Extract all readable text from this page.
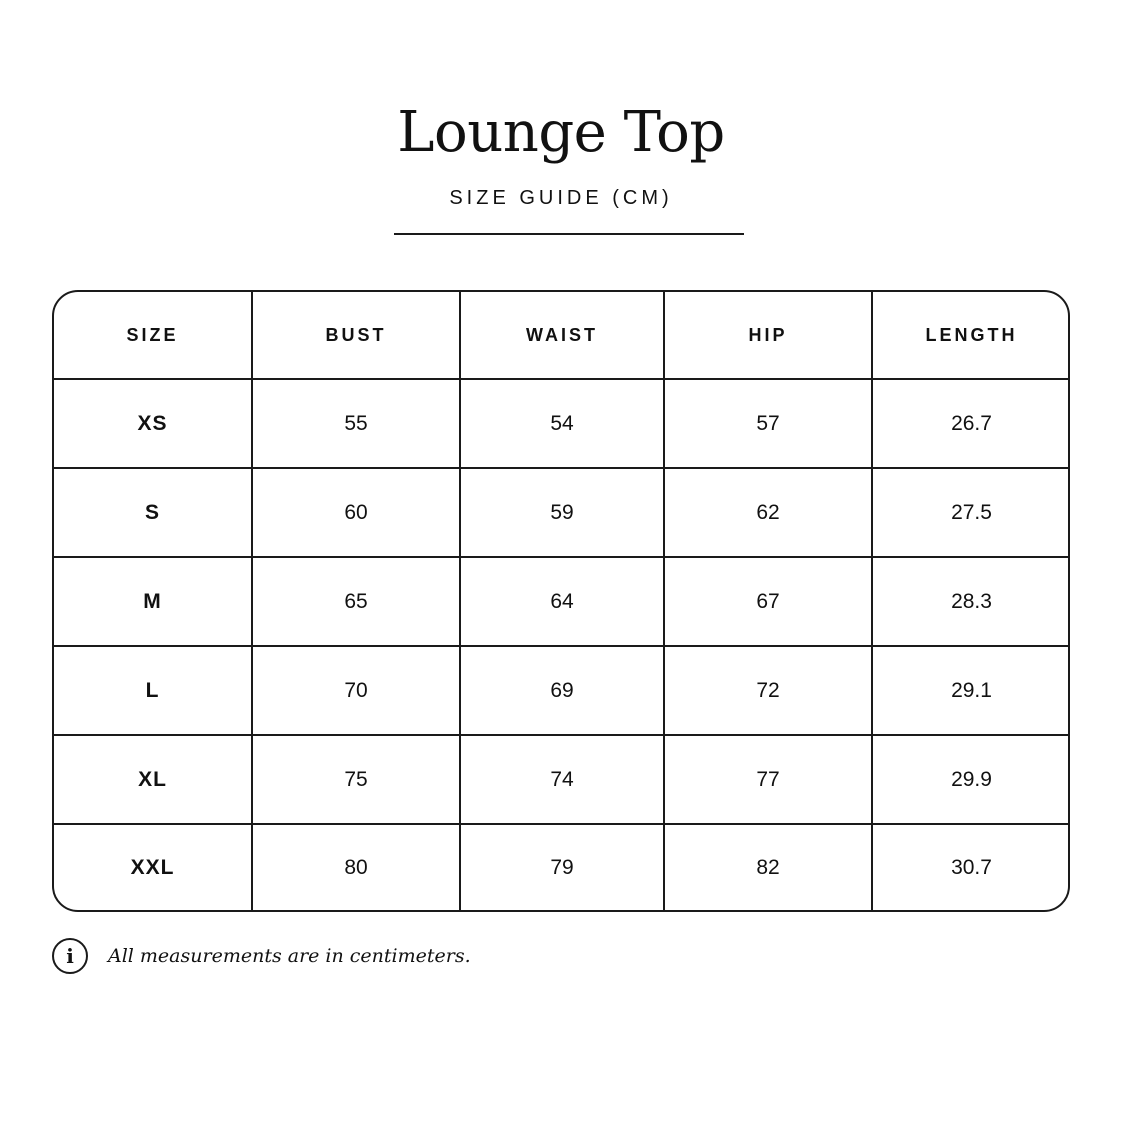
Lounge Top
SIZE GUIDE (CM)
SIZE	BUST	WAIST	HIP	LENGTH
XS	55	54	57	26.7
S	60	59	62	27.5
M	65	64	67	28.3
L	70	69	72	29.1
XL	75	74	77	29.9
XXL	80	79	82	30.7
i	All measurements are in centimeters.
